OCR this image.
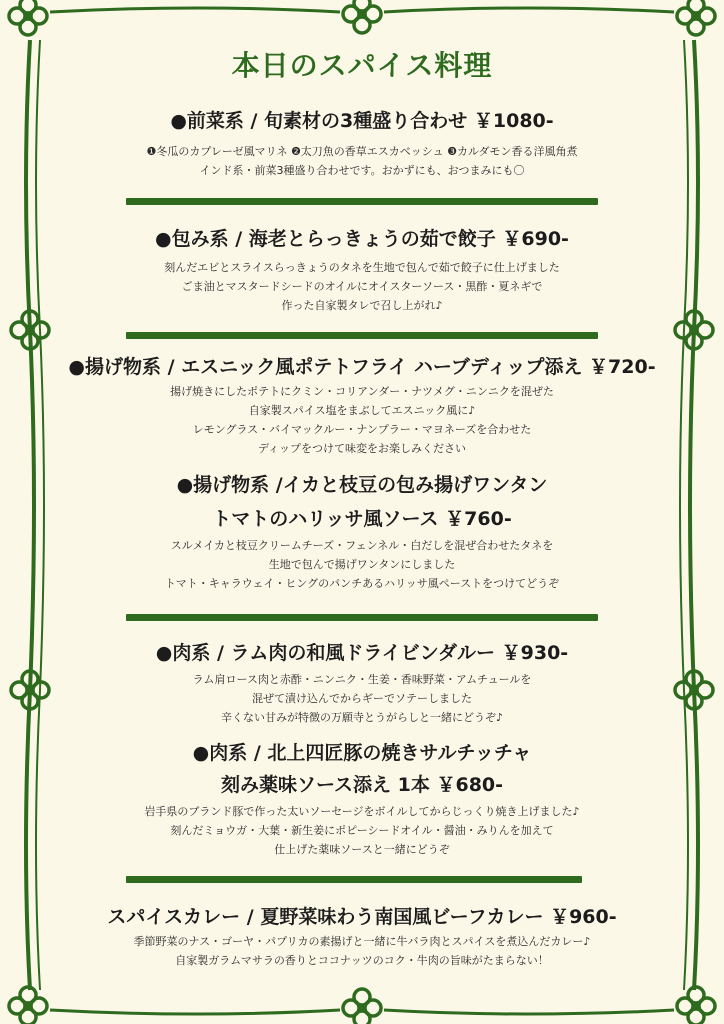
本日のスパイス料理
●前菜系 / 旬素材の3種盛り合わせ ￥1080-
❶冬瓜のカプレーゼ風マリネ ❷太刀魚の香草エスカベッシュ ❸カルダモン香る洋風角煮
インド系・前菜3種盛り合わせです。おかずにも、おつまみにも〇
●包み系 / 海老とらっきょうの茹で餃子 ￥690-
刻んだエビとスライスらっきょうのタネを生地で包んで茹で餃子に仕上げました
ごま油とマスタードシードのオイルにオイスターソース・黒酢・夏ネギで
作った自家製タレで召し上がれ♪
●揚げ物系 / エスニック風ポテトフライ ハーブディップ添え ￥720-
揚げ焼きにしたポテトにクミン・コリアンダー・ナツメグ・ニンニクを混ぜた
自家製スパイス塩をまぶしてエスニック風に♪
レモングラス・バイマックルー・ナンプラー・マヨネーズを合わせた
ディップをつけて味変をお楽しみください
●揚げ物系 /イカと枝豆の包み揚げワンタン
トマトのハリッサ風ソース ￥760-
スルメイカと枝豆クリームチーズ・フェンネル・白だしを混ぜ合わせたタネを
生地で包んで揚げワンタンにしました
トマト・キャラウェイ・ヒングのパンチあるハリッサ風ペーストをつけてどうぞ
●肉系 / ラム肉の和風ドライビンダルー ￥930-
ラム肩ロース肉と赤酢・ニンニク・生姜・香味野菜・アムチュールを
混ぜて漬け込んでからギーでソテーしました
辛くない甘みが特徴の万願寺とうがらしと一緒にどうぞ♪
●肉系 / 北上四匠豚の焼きサルチッチャ
刻み薬味ソース添え 1本 ￥680-
岩手県のブランド豚で作った太いソーセージをボイルしてからじっくり焼き上げました♪
刻んだミョウガ・大葉・新生姜にポピーシードオイル・醤油・みりんを加えて
仕上げた薬味ソースと一緒にどうぞ
スパイスカレー / 夏野菜味わう南国風ビーフカレー ￥960-
季節野菜のナス・ゴーヤ・パプリカの素揚げと一緒に牛バラ肉とスパイスを煮込んだカレー♪
自家製ガラムマサラの香りとココナッツのコク・牛肉の旨味がたまらない！
